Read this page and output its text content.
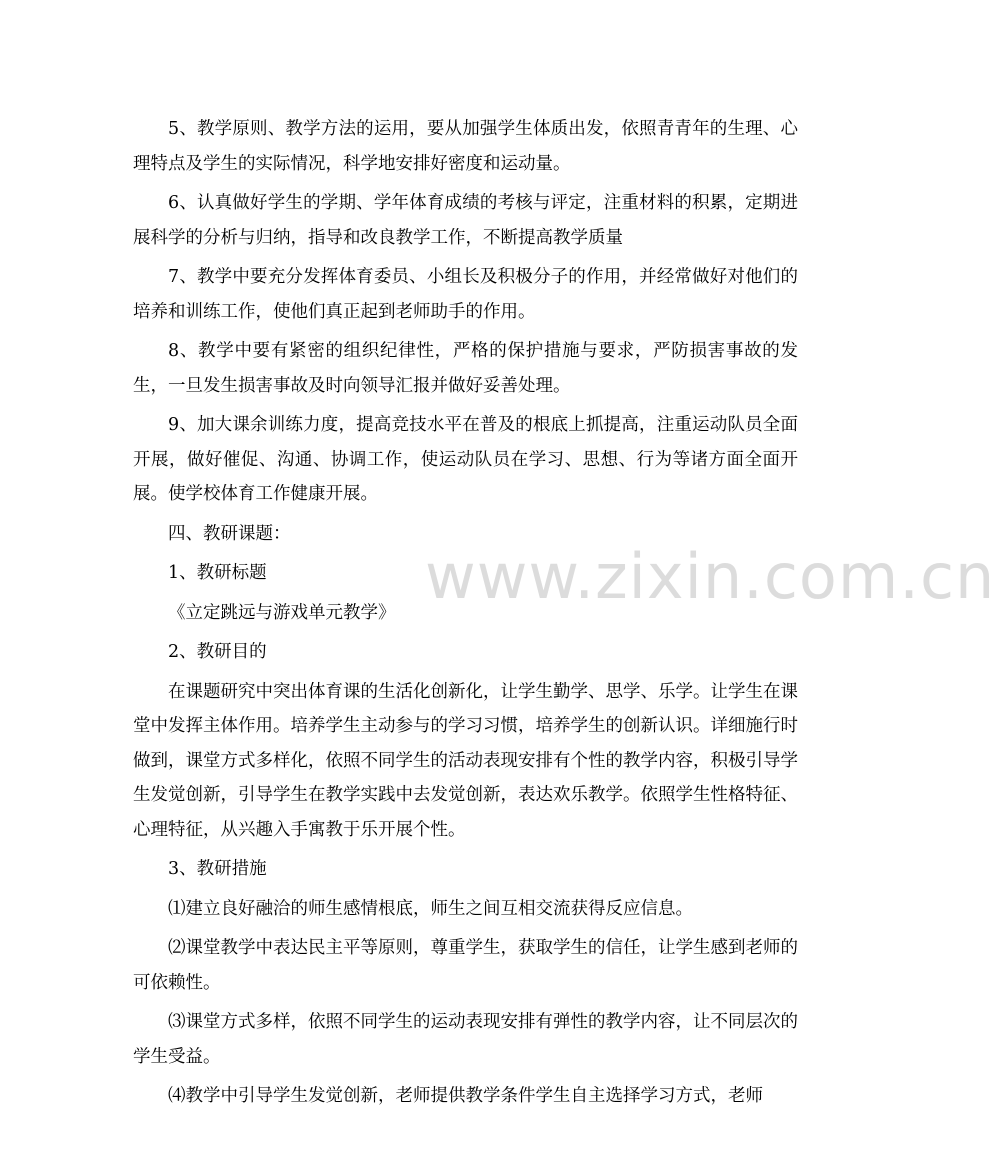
5、教学原则、教学方法的运用，要从加强学生体质出发，依照青青年的生理、心理特点及学生的实际情况，科学地安排好密度和运动量。

6、认真做好学生的学期、学年体育成绩的考核与评定，注重材料的积累，定期进展科学的分析与归纳，指导和改良教学工作，不断提高教学质量

7、教学中要充分发挥体育委员、小组长及积极分子的作用，并经常做好对他们的培养和训练工作，使他们真正起到老师助手的作用。

8、教学中要有紧密的组织纪律性，严格的保护措施与要求，严防损害事故的发生，一旦发生损害事故及时向领导汇报并做好妥善处理。

9、加大课余训练力度，提高竞技水平在普及的根底上抓提高，注重运动队员全面开展，做好催促、沟通、协调工作，使运动队员在学习、思想、行为等诸方面全面开展。使学校体育工作健康开展。

四、教研课题：

1、教研标题

《立定跳远与游戏单元教学》

2、教研目的

在课题研究中突出体育课的生活化创新化，让学生勤学、思学、乐学。让学生在课堂中发挥主体作用。培养学生主动参与的学习习惯，培养学生的创新认识。详细施行时做到，课堂方式多样化，依照不同学生的活动表现安排有个性的教学内容，积极引导学生发觉创新，引导学生在教学实践中去发觉创新，表达欢乐教学。依照学生性格特征、心理特征，从兴趣入手寓教于乐开展个性。

3、教研措施

⑴建立良好融洽的师生感情根底，师生之间互相交流获得反应信息。

⑵课堂教学中表达民主平等原则，尊重学生，获取学生的信任，让学生感到老师的可依赖性。

⑶课堂方式多样，依照不同学生的运动表现安排有弹性的教学内容，让不同层次的学生受益。

⑷教学中引导学生发觉创新，老师提供教学条件学生自主选择学习方式，老师

www.zixin.com.cn
